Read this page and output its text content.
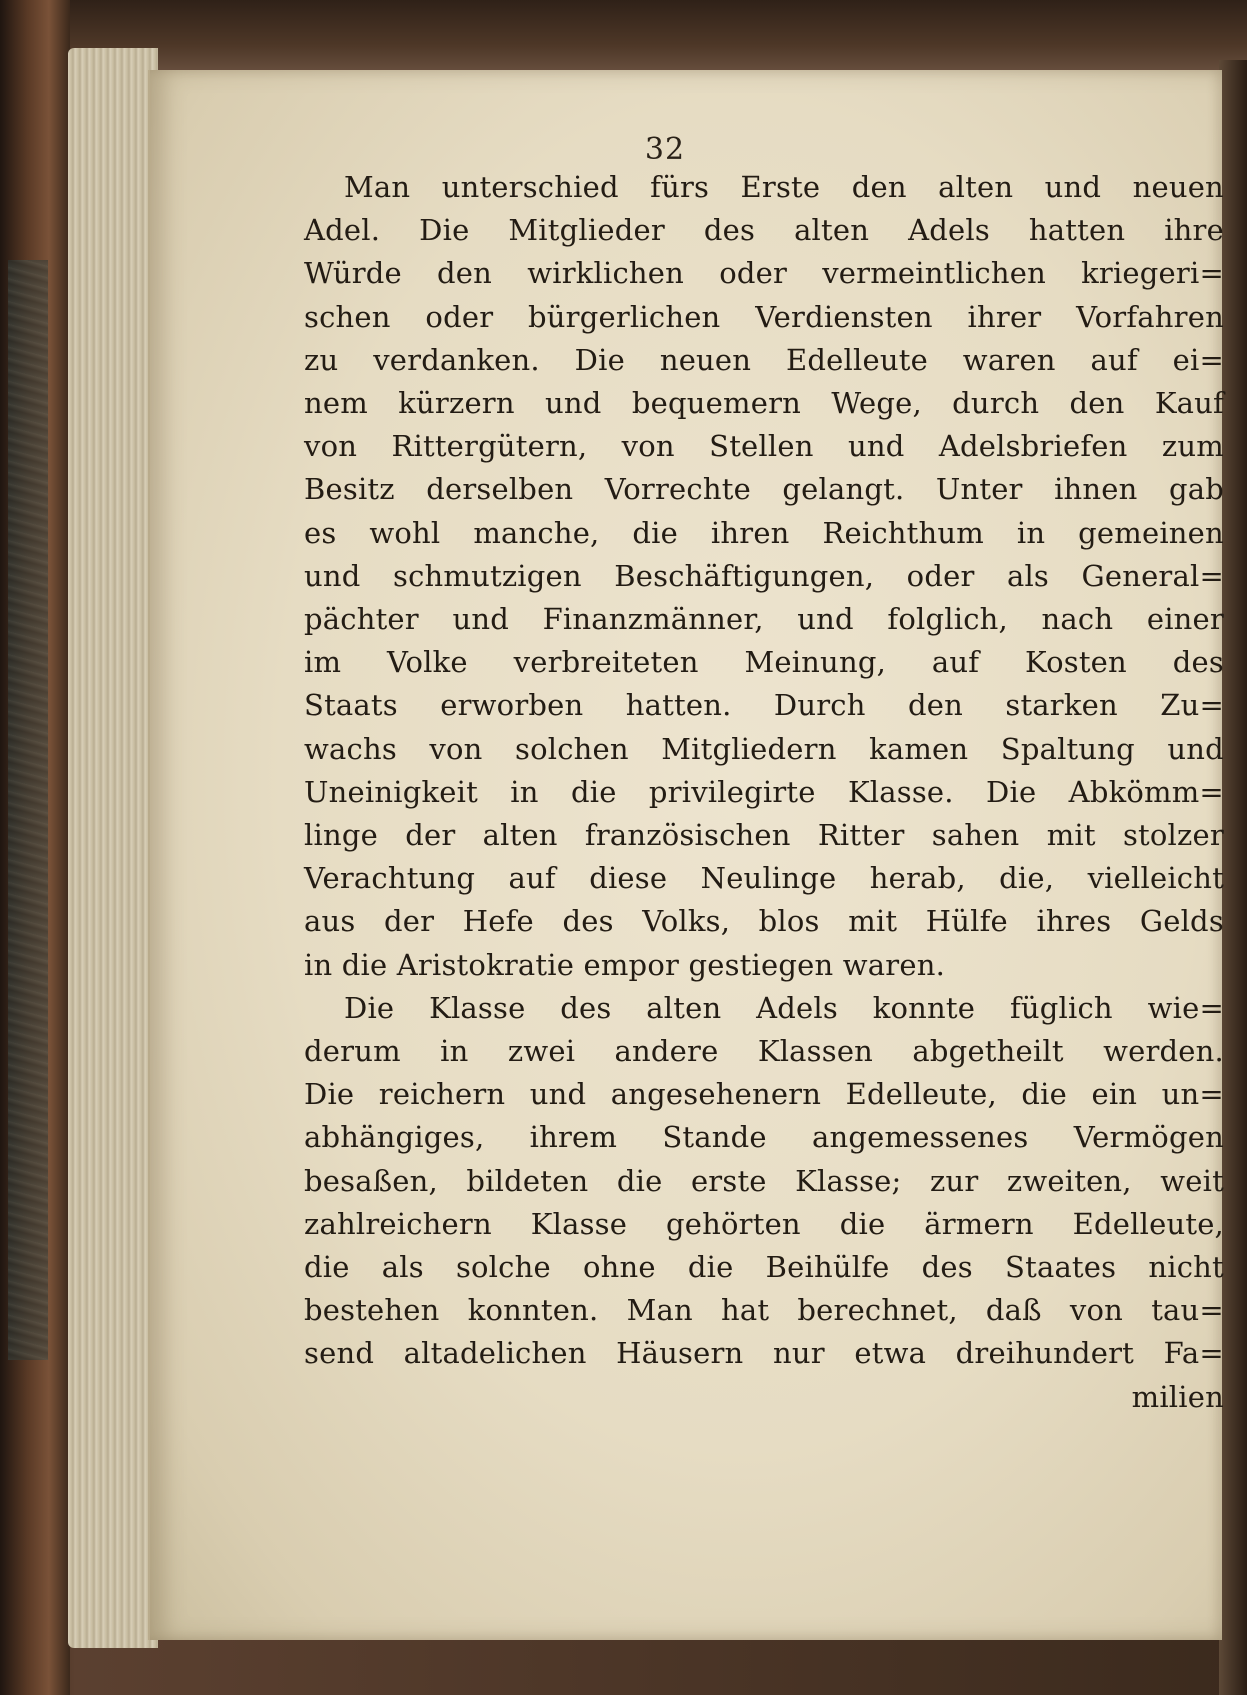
32
Man unterschied fürs Erste den alten und neuen
Adel. Die Mitglieder des alten Adels hatten ihre
Würde den wirklichen oder vermeintlichen kriegeri=
schen oder bürgerlichen Verdiensten ihrer Vorfahren
zu verdanken. Die neuen Edelleute waren auf ei=
nem kürzern und bequemern Wege, durch den Kauf
von Rittergütern, von Stellen und Adelsbriefen zum
Besitz derselben Vorrechte gelangt. Unter ihnen gab
es wohl manche, die ihren Reichthum in gemeinen
und schmutzigen Beschäftigungen, oder als General=
pächter und Finanzmänner, und folglich, nach einer
im Volke verbreiteten Meinung, auf Kosten des
Staats erworben hatten. Durch den starken Zu=
wachs von solchen Mitgliedern kamen Spaltung und
Uneinigkeit in die privilegirte Klasse. Die Abkömm=
linge der alten französischen Ritter sahen mit stolzer
Verachtung auf diese Neulinge herab, die, vielleicht
aus der Hefe des Volks, blos mit Hülfe ihres Gelds
in die Aristokratie empor gestiegen waren.
Die Klasse des alten Adels konnte füglich wie=
derum in zwei andere Klassen abgetheilt werden.
Die reichern und angesehenern Edelleute, die ein un=
abhängiges, ihrem Stande angemessenes Vermögen
besaßen, bildeten die erste Klasse; zur zweiten, weit
zahlreichern Klasse gehörten die ärmern Edelleute,
die als solche ohne die Beihülfe des Staates nicht
bestehen konnten. Man hat berechnet, daß von tau=
send altadelichen Häusern nur etwa dreihundert Fa=
milien
